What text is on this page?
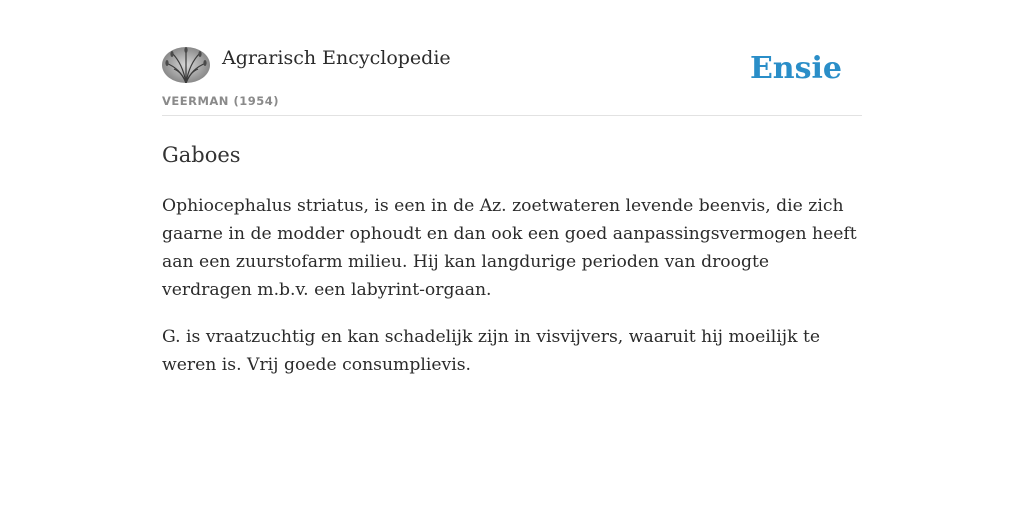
Agrarisch Encyclopedie
VEERMAN (1954)
Ensie
Gaboes

Ophiocephalus striatus, is een in de Az. zoetwateren levende beenvis, die zich gaarne in de modder ophoudt en dan ook een goed aanpassingsvermogen heeft aan een zuurstofarm milieu. Hij kan langdurige perioden van droogte verdragen m.b.v. een labyrint-orgaan.

G. is vraatzuchtig en kan schadelijk zijn in visvijvers, waaruit hij moeilijk te weren is. Vrij goede consumplievis.
